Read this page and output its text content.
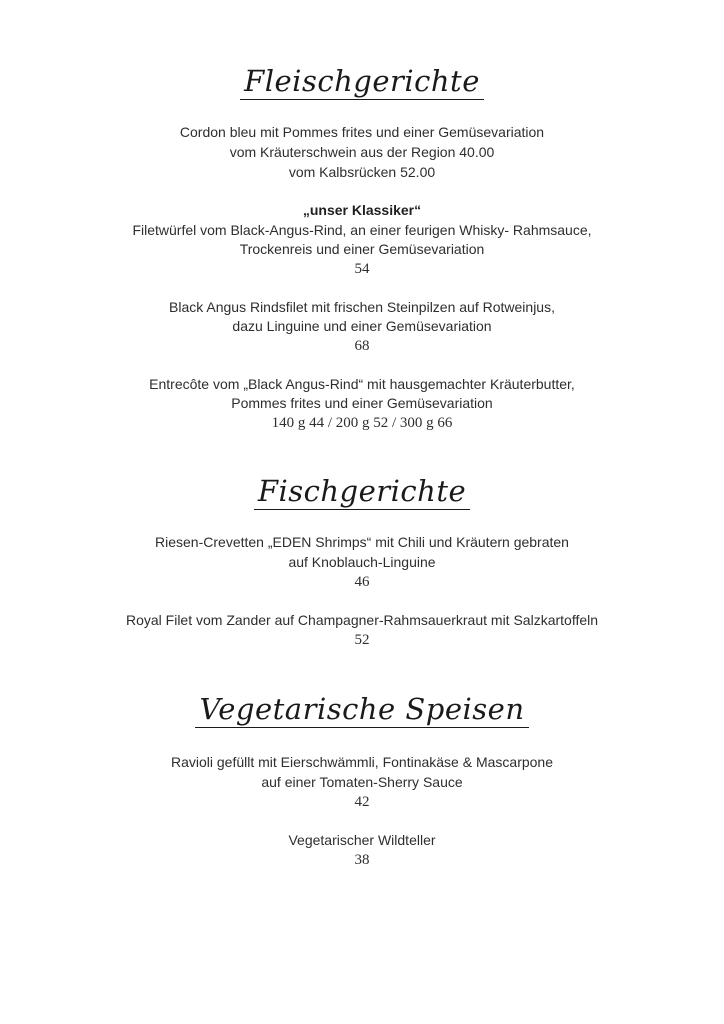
Fleischgerichte
Cordon bleu mit Pommes frites und einer Gemüsevariation
vom Kräuterschwein aus der Region 40.00
vom Kalbsrücken 52.00
„unser Klassiker“
Filetwürfel vom Black-Angus-Rind, an einer feurigen Whisky- Rahmsauce,
Trockenreis und einer Gemüsevariation
54
Black Angus Rindsfilet mit frischen Steinpilzen auf Rotweinjus,
dazu Linguine und einer Gemüsevariation
68
Entrecôte vom „Black Angus-Rind“ mit hausgemachter Kräuterbutter,
Pommes frites und einer Gemüsevariation
140 g 44 / 200 g 52 / 300 g 66
Fischgerichte
Riesen-Crevetten „EDEN Shrimps“ mit Chili und Kräutern gebraten
auf Knoblauch-Linguine
46
Royal Filet vom Zander auf Champagner-Rahmsauerkraut mit Salzkartoffeln
52
Vegetarische Speisen
Ravioli gefüllt mit Eierschwämmli, Fontinakäse & Mascarpone
auf einer Tomaten-Sherry Sauce
42
Vegetarischer Wildteller
38
